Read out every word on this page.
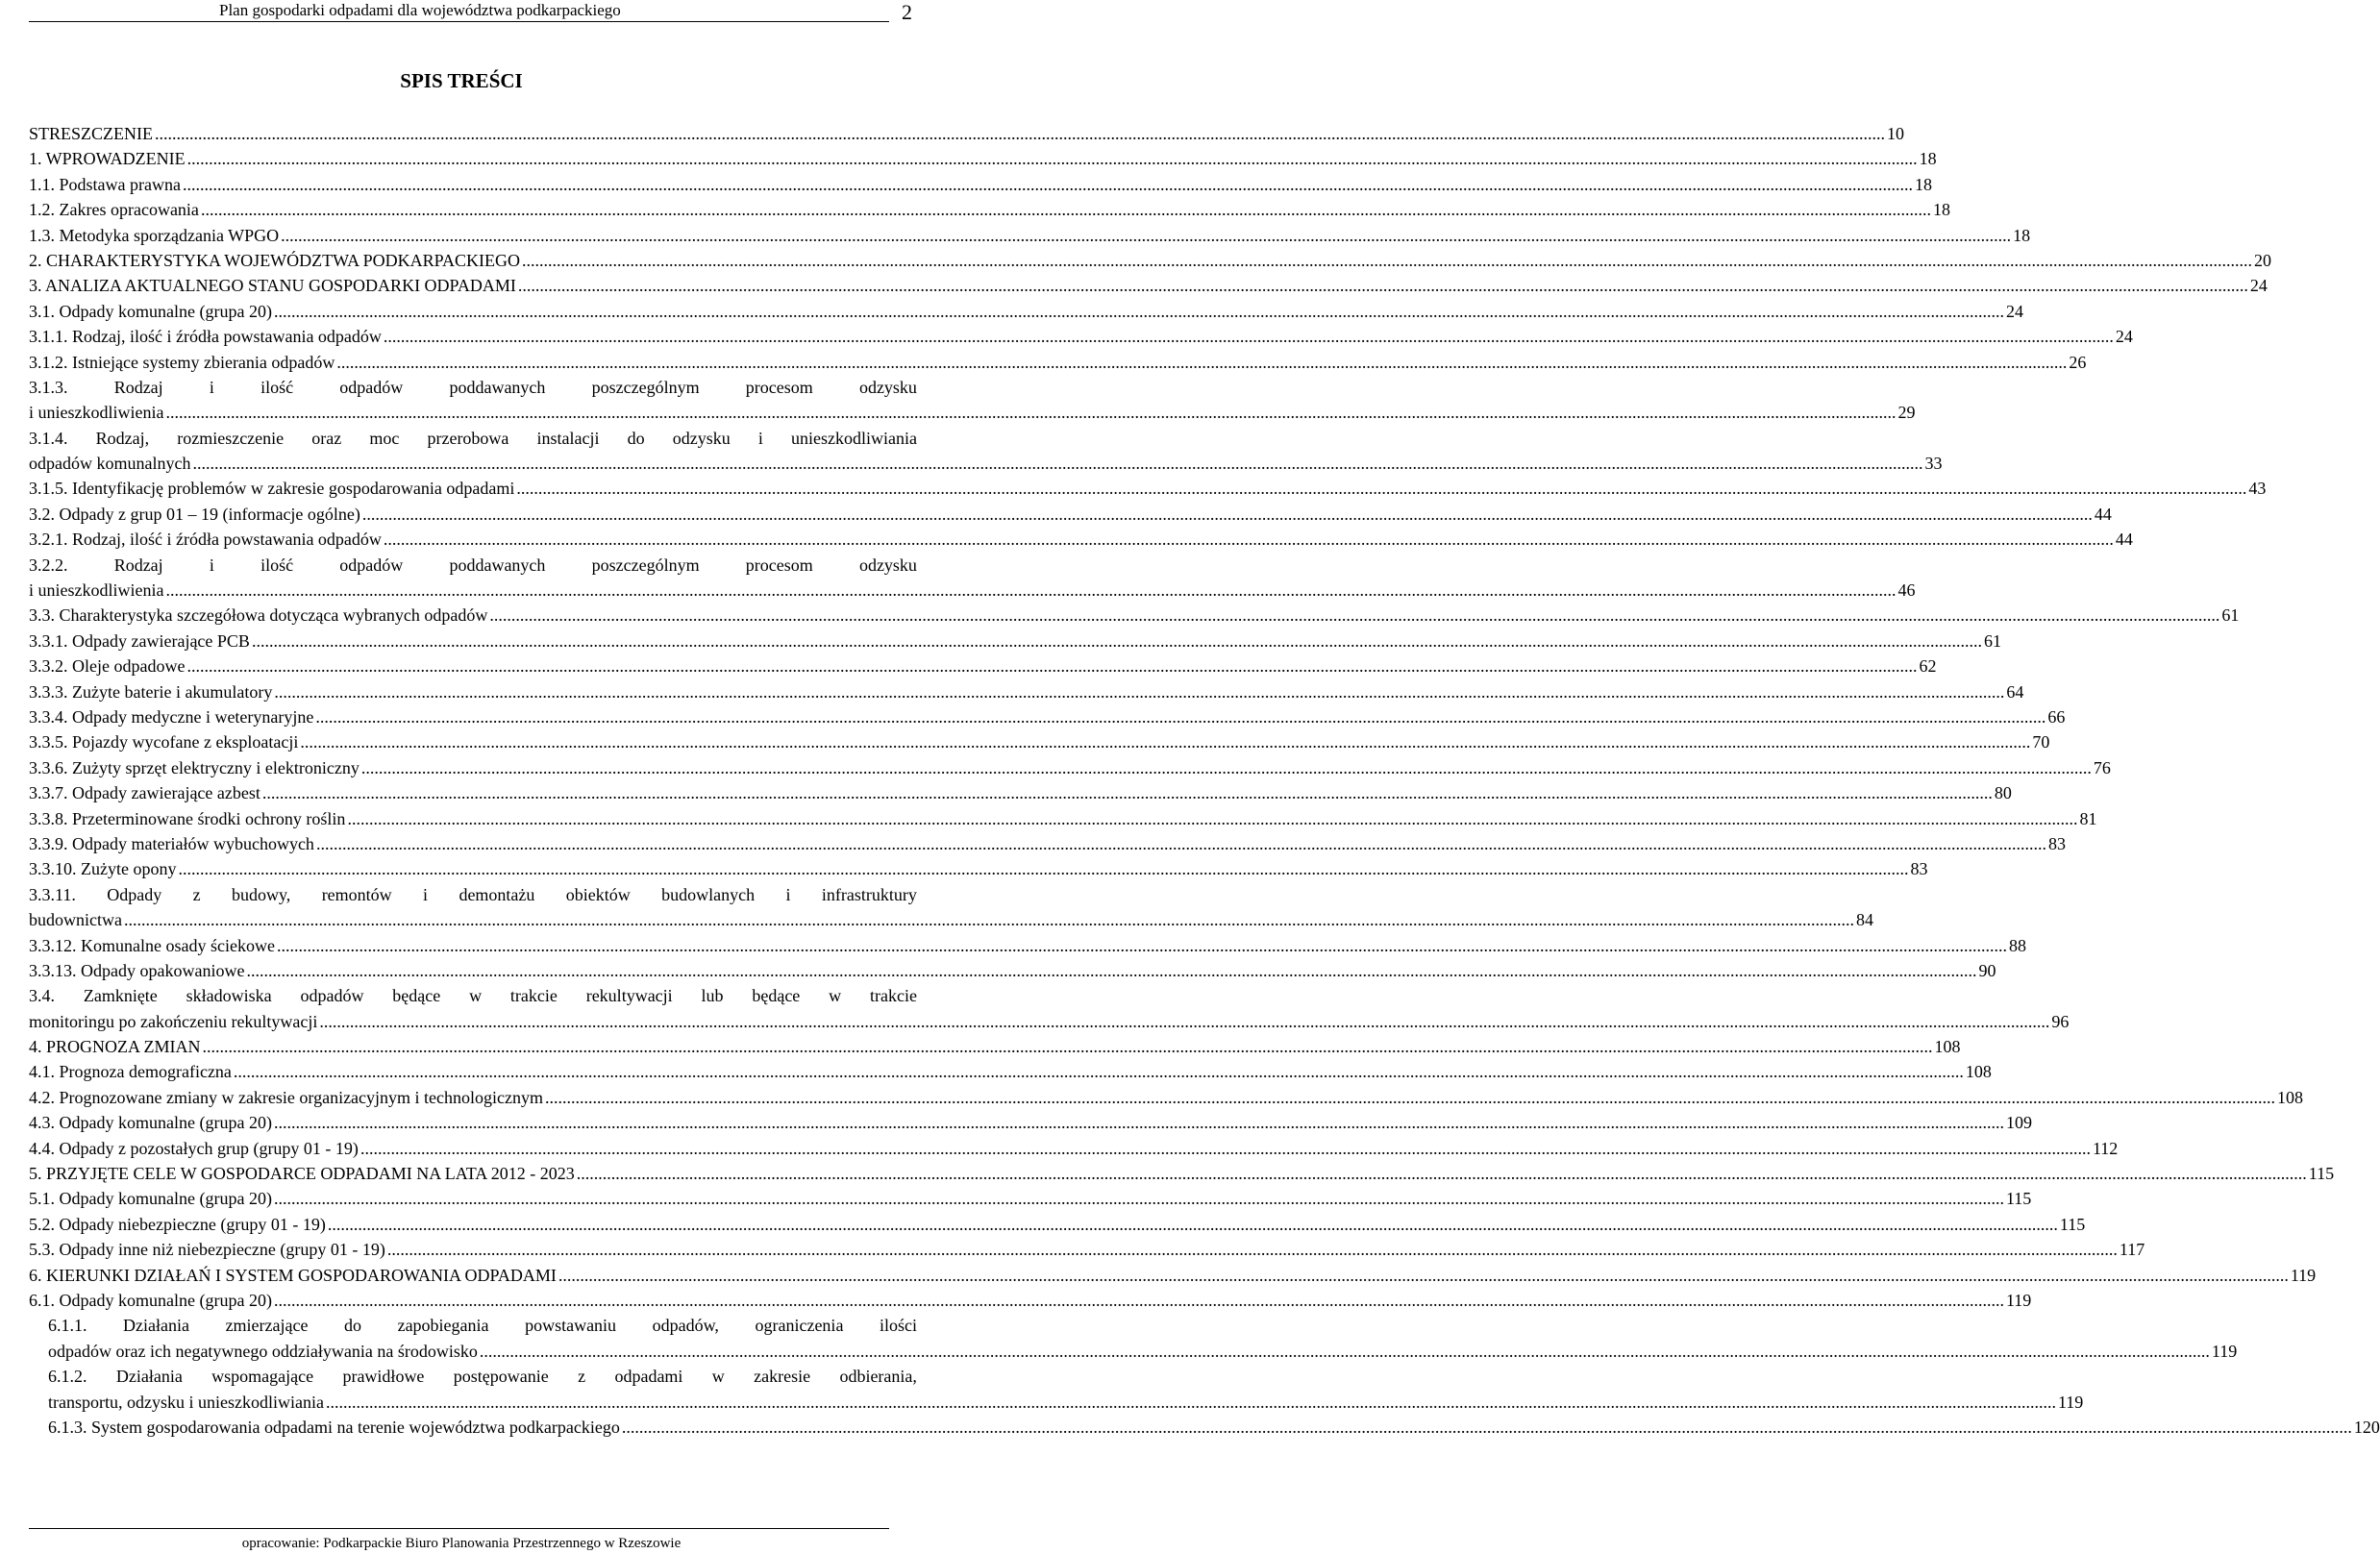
Plan gospodarki odpadami dla województwa podkarpackiego	2
SPIS TREŚCI
STRESZCZENIE ................................................................................................................................................................................................................................................................................................................................................................................................................ 10
1. WPROWADZENIE ................................................................................................................................................................................................................................................................................................................................................................................................................ 18
1.1. Podstawa prawna ................................................................................................................................................................................................................................................................................................................................................................................................................ 18
1.2. Zakres opracowania ................................................................................................................................................................................................................................................................................................................................................................................................................ 18
1.3. Metodyka sporządzania WPGO ................................................................................................................................................................................................................................................................................................................................................................................................................ 18
2. CHARAKTERYSTYKA WOJEWÓDZTWA PODKARPACKIEGO ................................................................................................................................................................................................................................................................................................................................................................................................................ 20
3. ANALIZA AKTUALNEGO STANU GOSPODARKI ODPADAMI ................................................................................................................................................................................................................................................................................................................................................................................................................ 24
3.1. Odpady komunalne (grupa 20) ................................................................................................................................................................................................................................................................................................................................................................................................................ 24
3.1.1. Rodzaj, ilość i źródła powstawania odpadów ................................................................................................................................................................................................................................................................................................................................................................................................................ 24
3.1.2. Istniejące systemy zbierania odpadów ................................................................................................................................................................................................................................................................................................................................................................................................................ 26
3.1.3.	Rodzaj	i	ilość	odpadów	poddawanych	poszczególnym	procesom	odzysku
i unieszkodliwienia ................................................................................................................................................................................................................................................................................................................................................................................................................ 29
3.1.4. Rodzaj, rozmieszczenie oraz moc przerobowa instalacji do odzysku i unieszkodliwiania
odpadów komunalnych ................................................................................................................................................................................................................................................................................................................................................................................................................ 33
3.1.5. Identyfikację problemów w zakresie gospodarowania odpadami ................................................................................................................................................................................................................................................................................................................................................................................................................ 43
3.2. Odpady z grup 01 – 19 (informacje ogólne) ................................................................................................................................................................................................................................................................................................................................................................................................................ 44
3.2.1. Rodzaj, ilość i źródła powstawania odpadów ................................................................................................................................................................................................................................................................................................................................................................................................................ 44
3.2.2.	Rodzaj	i	ilość	odpadów	poddawanych	poszczególnym	procesom	odzysku
i unieszkodliwienia ................................................................................................................................................................................................................................................................................................................................................................................................................ 46
3.3. Charakterystyka szczegółowa dotycząca wybranych odpadów ................................................................................................................................................................................................................................................................................................................................................................................................................ 61
3.3.1. Odpady zawierające PCB ................................................................................................................................................................................................................................................................................................................................................................................................................ 61
3.3.2. Oleje odpadowe ................................................................................................................................................................................................................................................................................................................................................................................................................ 62
3.3.3. Zużyte baterie i akumulatory ................................................................................................................................................................................................................................................................................................................................................................................................................ 64
3.3.4. Odpady medyczne i weterynaryjne ................................................................................................................................................................................................................................................................................................................................................................................................................ 66
3.3.5. Pojazdy wycofane z eksploatacji ................................................................................................................................................................................................................................................................................................................................................................................................................ 70
3.3.6. Zużyty sprzęt elektryczny i elektroniczny ................................................................................................................................................................................................................................................................................................................................................................................................................ 76
3.3.7. Odpady zawierające azbest ................................................................................................................................................................................................................................................................................................................................................................................................................ 80
3.3.8. Przeterminowane środki ochrony roślin ................................................................................................................................................................................................................................................................................................................................................................................................................ 81
3.3.9. Odpady materiałów wybuchowych ................................................................................................................................................................................................................................................................................................................................................................................................................ 83
3.3.10. Zużyte opony ................................................................................................................................................................................................................................................................................................................................................................................................................ 83
3.3.11. Odpady z budowy, remontów i demontażu obiektów budowlanych i infrastruktury
budownictwa ................................................................................................................................................................................................................................................................................................................................................................................................................ 84
3.3.12. Komunalne osady ściekowe ................................................................................................................................................................................................................................................................................................................................................................................................................ 88
3.3.13. Odpady opakowaniowe ................................................................................................................................................................................................................................................................................................................................................................................................................ 90
3.4. Zamknięte składowiska odpadów będące w trakcie rekultywacji lub będące w trakcie
monitoringu po zakończeniu rekultywacji ................................................................................................................................................................................................................................................................................................................................................................................................................ 96
4. PROGNOZA ZMIAN ................................................................................................................................................................................................................................................................................................................................................................................................................ 108
4.1. Prognoza demograficzna ................................................................................................................................................................................................................................................................................................................................................................................................................ 108
4.2. Prognozowane zmiany w zakresie organizacyjnym i technologicznym ................................................................................................................................................................................................................................................................................................................................................................................................................ 108
4.3. Odpady komunalne (grupa 20) ................................................................................................................................................................................................................................................................................................................................................................................................................ 109
4.4. Odpady z pozostałych grup (grupy 01 - 19) ................................................................................................................................................................................................................................................................................................................................................................................................................ 112
5. PRZYJĘTE CELE W GOSPODARCE ODPADAMI NA LATA 2012 - 2023 ................................................................................................................................................................................................................................................................................................................................................................................................................ 115
5.1. Odpady komunalne (grupa 20) ................................................................................................................................................................................................................................................................................................................................................................................................................ 115
5.2. Odpady niebezpieczne (grupy 01 - 19) ................................................................................................................................................................................................................................................................................................................................................................................................................ 115
5.3. Odpady inne niż niebezpieczne (grupy 01 - 19) ................................................................................................................................................................................................................................................................................................................................................................................................................ 117
6. KIERUNKI DZIAŁAŃ I SYSTEM GOSPODAROWANIA ODPADAMI ................................................................................................................................................................................................................................................................................................................................................................................................................ 119
6.1. Odpady komunalne (grupa 20) ................................................................................................................................................................................................................................................................................................................................................................................................................ 119
6.1.1. Działania zmierzające do zapobiegania powstawaniu odpadów, ograniczenia ilości
odpadów oraz ich negatywnego oddziaływania na środowisko ................................................................................................................................................................................................................................................................................................................................................................................................................ 119
6.1.2. Działania wspomagające prawidłowe postępowanie z odpadami w zakresie odbierania,
transportu, odzysku i unieszkodliwiania ................................................................................................................................................................................................................................................................................................................................................................................................................ 119
6.1.3. System gospodarowania odpadami na terenie województwa podkarpackiego ................................................................................................................................................................................................................................................................................................................................................................................................................ 120
opracowanie: Podkarpackie Biuro Planowania Przestrzennego w Rzeszowie
